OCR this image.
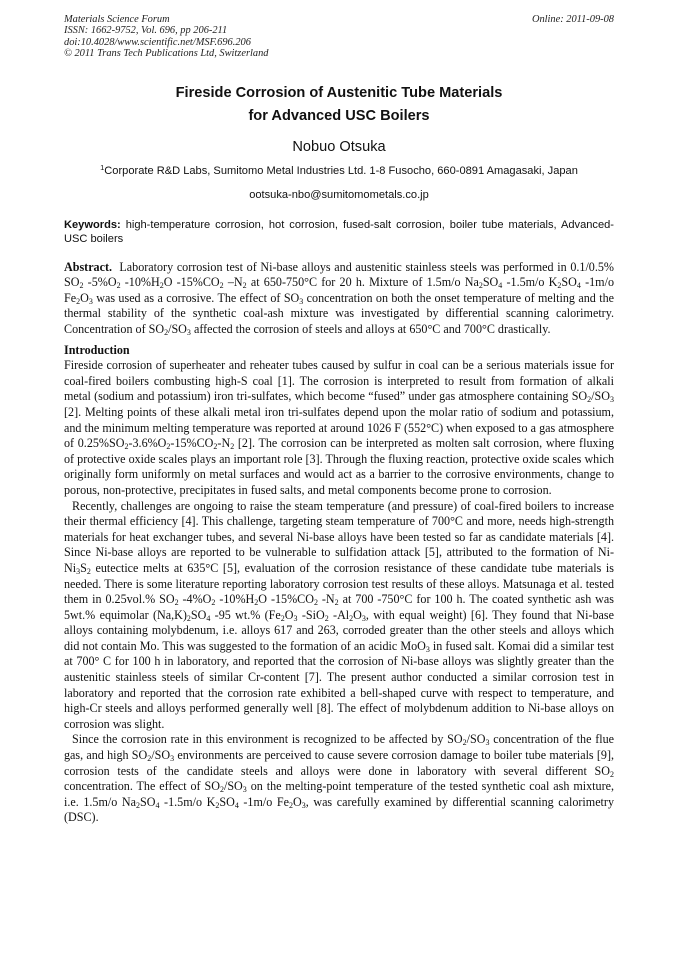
Materials Science Forum
ISSN: 1662-9752, Vol. 696, pp 206-211
doi:10.4028/www.scientific.net/MSF.696.206
© 2011 Trans Tech Publications Ltd, Switzerland
Online: 2011-09-08
Fireside Corrosion of Austenitic Tube Materials
for Advanced USC Boilers
Nobuo Otsuka
$^1$Corporate R&D Labs, Sumitomo Metal Industries Ltd. 1-8 Fusocho, 660-0891 Amagasaki, Japan
ootsuka-nbo@sumitomometals.co.jp
Keywords: high-temperature corrosion, hot corrosion, fused-salt corrosion, boiler tube materials, Advanced-USC boilers

Abstract. Laboratory corrosion test of Ni-base alloys and austenitic stainless steels was performed in 0.1/0.5% $SO_2$ $-5\%O_2$ $-10\%H_2O$ $-15\%CO_2$ $-N_2$ at 650-750°C for 20 h. Mixture of 1.5m/o $Na_2SO_4$ -1.5m/o $K_2SO_4$ -1m/o $Fe_2O_3$ was used as a corrosive. The effect of $SO_3$ concentration on both the onset temperature of melting and the thermal stability of the synthetic coal-ash mixture was investigated by differential scanning calorimetry. Concentration of $SO_2/SO_3$ affected the corrosion of steels and alloys at 650°C and 700°C drastically.

Introduction

Fireside corrosion of superheater and reheater tubes caused by sulfur in coal can be a serious materials issue for coal-fired boilers combusting high-S coal [1]. The corrosion is interpreted to result from formation of alkali metal (sodium and potassium) iron tri-sulfates, which become “fused” under gas atmosphere containing $SO_2/SO_3$ [2]. Melting points of these alkali metal iron tri-sulfates depend upon the molar ratio of sodium and potassium, and the minimum melting temperature was reported at around 1026 F (552°C) when exposed to a gas atmosphere of $0.25\%SO_2-3.6\%O_2-15\%CO_2-N_2$ [2]. The corrosion can be interpreted as molten salt corrosion, where fluxing of protective oxide scales plays an important role [3]. Through the fluxing reaction, protective oxide scales which originally form uniformly on metal surfaces and would act as a barrier to the corrosive environments, change to porous, non-protective, precipitates in fused salts, and metal components become prone to corrosion.

Recently, challenges are ongoing to raise the steam temperature (and pressure) of coal-fired boilers to increase their thermal efficiency [4]. This challenge, targeting steam temperature of 700°C and more, needs high-strength materials for heat exchanger tubes, and several Ni-base alloys have been tested so far as candidate materials [4]. Since Ni-base alloys are reported to be vulnerable to sulfidation attack [5], attributed to the formation of $Ni-Ni_3S_2$ eutectice melts at 635°C [5], evaluation of the corrosion resistance of these candidate tube materials is needed. There is some literature reporting laboratory corrosion test results of these alloys. Matsunaga et al. tested them in 0.25vol.% $SO_2$ $-4\%O_2$ $-10\%H_2O$ $-15\%CO_2$ $-N_2$ at 700 -750°C for 100 h. The coated synthetic ash was 5wt.% equimolar $(Na,K)_2SO_4$ -95 wt.% ($Fe_2O_3$ -SiO$_2$ $-Al_2O_3$, with equal weight) [6]. They found that Ni-base alloys containing molybdenum, i.e. alloys 617 and 263, corroded greater than the other steels and alloys which did not contain Mo. This was suggested to the formation of an acidic MoO$_3$ in fused salt. Komai did a similar test at 700° C for 100 h in laboratory, and reported that the corrosion of Ni-base alloys was slightly greater than the austenitic stainless steels of similar Cr-content [7]. The present author conducted a similar corrosion test in laboratory and reported that the corrosion rate exhibited a bell-shaped curve with respect to temperature, and high-Cr steels and alloys performed generally well [8]. The effect of molybdenum addition to Ni-base alloys on corrosion was slight.

Since the corrosion rate in this environment is recognized to be affected by $SO_2/SO_3$ concentration of the flue gas, and high $SO_2/SO_3$ environments are perceived to cause severe corrosion damage to boiler tube materials [9], corrosion tests of the candidate steels and alloys were done in laboratory with several different $SO_2$ concentration. The effect of $SO_2/SO_3$ on the melting-point temperature of the tested synthetic coal ash mixture, i.e. 1.5m/o $Na_2SO_4$ -1.5m/o $K_2SO_4$ -1m/o $Fe_2O_3$, was carefully examined by differential scanning calorimetry (DSC).
